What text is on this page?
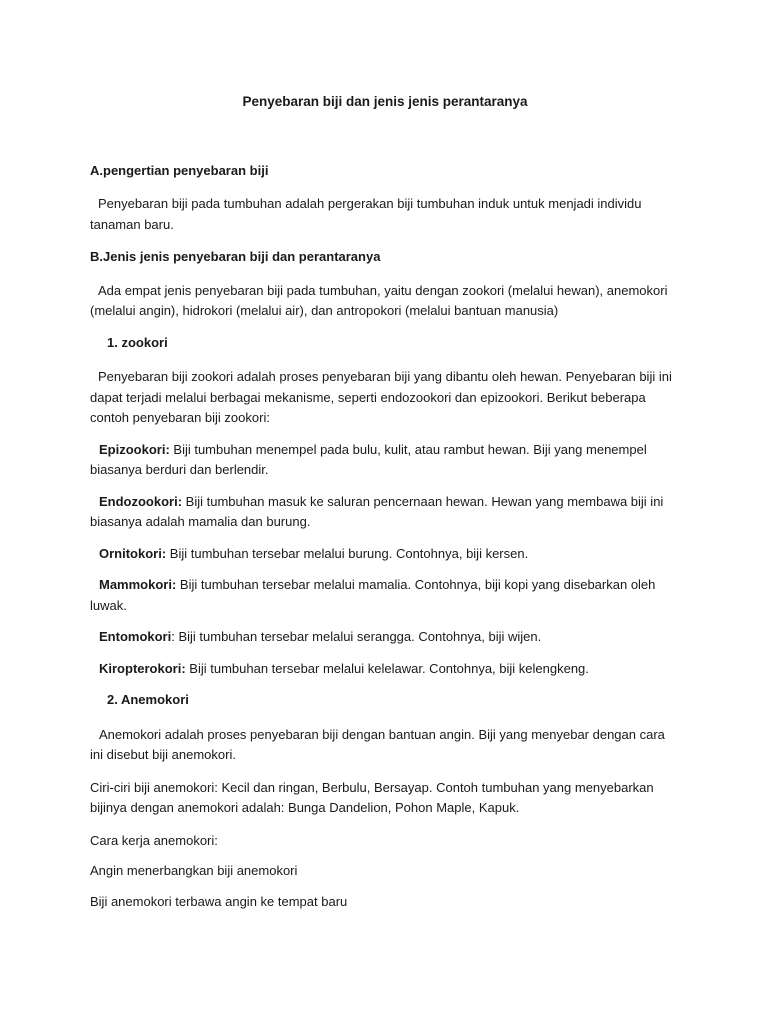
Penyebaran biji dan jenis jenis perantaranya
A.pengertian penyebaran biji

Penyebaran biji pada tumbuhan adalah pergerakan biji tumbuhan induk untuk menjadi individu tanaman baru.

B.Jenis jenis penyebaran biji dan perantaranya

Ada empat jenis penyebaran biji pada tumbuhan, yaitu dengan zookori (melalui hewan), anemokori (melalui angin), hidrokori (melalui air), dan antropokori (melalui bantuan manusia)

1. zookori

Penyebaran biji zookori adalah proses penyebaran biji yang dibantu oleh hewan. Penyebaran biji ini dapat terjadi melalui berbagai mekanisme, seperti endozookori dan epizookori. Berikut beberapa contoh penyebaran biji zookori:

Epizookori: Biji tumbuhan menempel pada bulu, kulit, atau rambut hewan. Biji yang menempel biasanya berduri dan berlendir.

Endozookori: Biji tumbuhan masuk ke saluran pencernaan hewan. Hewan yang membawa biji ini biasanya adalah mamalia dan burung.

Ornitokori: Biji tumbuhan tersebar melalui burung. Contohnya, biji kersen.

Mammokori: Biji tumbuhan tersebar melalui mamalia. Contohnya, biji kopi yang disebarkan oleh luwak.

Entomokori: Biji tumbuhan tersebar melalui serangga. Contohnya, biji wijen.

Kiropterokori: Biji tumbuhan tersebar melalui kelelawar. Contohnya, biji kelengkeng.

2. Anemokori

Anemokori adalah proses penyebaran biji dengan bantuan angin. Biji yang menyebar dengan cara ini disebut biji anemokori.

Ciri-ciri biji anemokori: Kecil dan ringan, Berbulu, Bersayap. Contoh tumbuhan yang menyebarkan bijinya dengan anemokori adalah: Bunga Dandelion, Pohon Maple, Kapuk.

Cara kerja anemokori:

Angin menerbangkan biji anemokori

Biji anemokori terbawa angin ke tempat baru
